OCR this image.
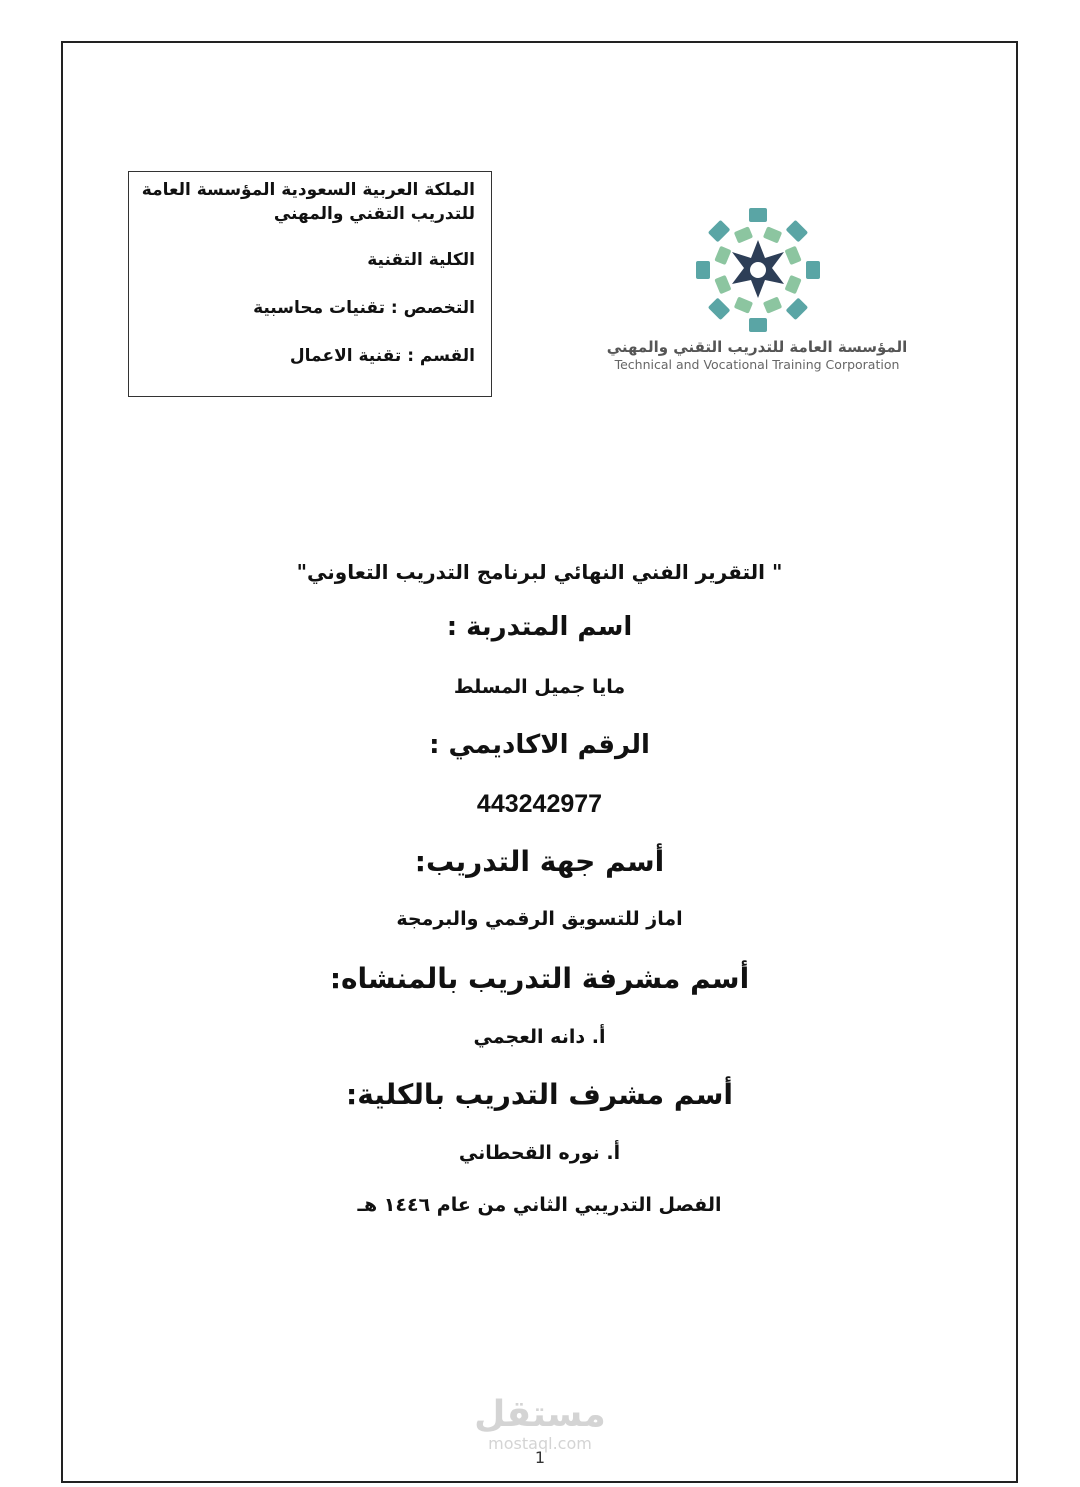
الملكة العربية السعودية المؤسسة العامة
للتدريب التقني والمهني

الكلية التقنية

التخصص : تقنيات محاسبية

القسم : تقنية الاعمال	المؤسسة العامة للتدريب التقني والمهني
Technical and Vocational Training Corporation
" التقرير الفني النهائي لبرنامج التدريب التعاوني"
اسم المتدربة :
مايا جميل المسلط
الرقم الاكاديمي :
443242977
أسم جهة التدريب:
اماز للتسويق الرقمي والبرمجة
أسم مشرفة التدريب بالمنشاه:
أ. دانه العجمي
أسم مشرف التدريب بالكلية:
أ. نوره القحطاني
الفصل التدريبي الثاني من عام ١٤٤٦ هـ
مستقل
mostaql.com
1
